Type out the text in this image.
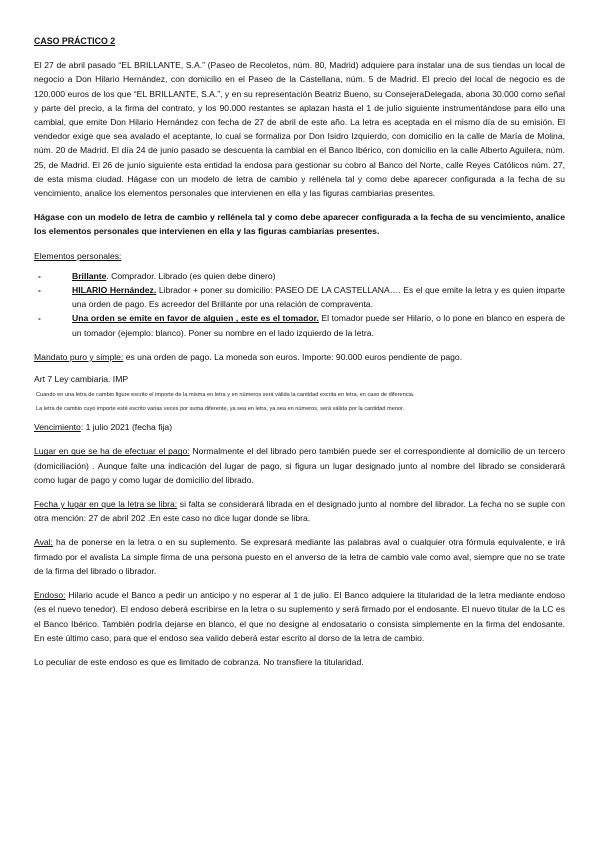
CASO PRÁCTICO 2

El 27 de abril pasado “EL BRILLANTE, S.A.” (Paseo de Recoletos, núm. 80, Madrid) adquiere para instalar una de sus tiendas un local de negocio a Don Hilario Hernández, con domicilio en el Paseo de la Castellana, núm. 5 de Madrid. El precio del local de negocio es de 120.000 euros de los que “EL BRILLANTE, S.A.”, y en su representación Beatriz Bueno, su ConsejeraDelegada, abona 30.000 como señal y parte del precio, a la firma del contrato, y los 90.000 restantes se aplazan hasta el 1 de julio siguiente instrumentándose para ello una cambial, que emite Don Hilario Hernández con fecha de 27 de abril de este año. La letra es aceptada en el mismo día de su emisión. El vendedor exige que sea avalado el aceptante, lo cual se formaliza por Don Isidro Izquierdo, con domicilio en la calle de María de Molina, núm. 20 de Madrid. El día 24 de junio pasado se descuenta la cambial en el Banco Ibérico, con domicilio en la calle Alberto Aguilera, núm. 25, de Madrid. El 26 de junio siguiente esta entidad la endosa para gestionar su cobro al Banco del Norte, calle Reyes Católicos núm. 27, de esta misma ciudad. Hágase con un modelo de letra de cambio y rellénela tal y como debe aparecer configurada a la fecha de su vencimiento, analice los elementos personales que intervienen en ella y las figuras cambiarias presentes.

Hágase con un modelo de letra de cambio y rellénela tal y como debe aparecer configurada a la fecha de su vencimiento, analice los elementos personales que intervienen en ella y las figuras cambiarias presentes.

Elementos personales:

-	Brillante. Comprador. Librado (es quien debe dinero)
-	HILARIO Hernández. Librador + poner su domicilio: PASEO DE LA CASTELLANA…. Es el que emite la letra y es quien imparte una orden de pago. Es acreedor del Brillante por una relación de compraventa.
-	Una orden se emite en favor de alguien , este es el tomador. El tomador puede ser Hilario, o lo pone en blanco en espera de un tomador (ejemplo: blanco). Poner su nombre en el lado izquierdo de la letra.

Mandato puro y simple: es una orden de pago. La moneda son euros. Importe: 90.000 euros pendiente de pago.

Art 7 Ley cambiaria. IMP

Cuando en una letra de cambio figure escrito el importe de la misma en letra y en números será válida la cantidad escrita en letra, en caso de diferencia.

La letra de cambio cuyo importe esté escrito varias veces por suma diferente, ya sea en letra, ya sea en números, será válida por la cantidad menor.

Vencimiento: 1 julio 2021 (fecha fija)

Lugar en que se ha de efectuar el pago: Normalmente el del librado pero también puede ser el correspondiente al domicilio de un tercero (domiciliación) . Aunque falte una indicación del lugar de pago, si figura un lugar designado junto al nombre del librado se considerará como lugar de pago y como lugar de domicilio del librado.

Fecha y lugar en que la letra se libra: si falta se considerará librada en el designado junto al nombre del librador. La fecha no se suple con otra mención: 27 de abril 202 .En este caso no dice lugar donde se libra.

Aval: ha de ponerse en la letra o en su suplemento. Se expresará mediante las palabras aval o cualquier otra fórmula equivalente, e irá firmado por el avalista La simple firma de una persona puesto en el anverso de la letra de cambio vale como aval, siempre que no se trate de la firma del librado o librador.

Endoso: Hilario acude el Banco a pedir un anticipo y no esperar al 1 de julio. El Banco adquiere la titularidad de la letra mediante endoso (es el nuevo tenedor). El endoso deberá escribirse en la letra o su suplemento y será firmado por el endosante. El nuevo titular de la LC es el Banco Ibérico. También podría dejarse en blanco, el que no designe al endosatario o consista simplemente en la firma del endosante. En este último caso, para que el endoso sea valido deberá estar escrito al dorso de la letra de cambio.

Lo peculiar de este endoso es que es limitado de cobranza. No transfiere la titularidad.
